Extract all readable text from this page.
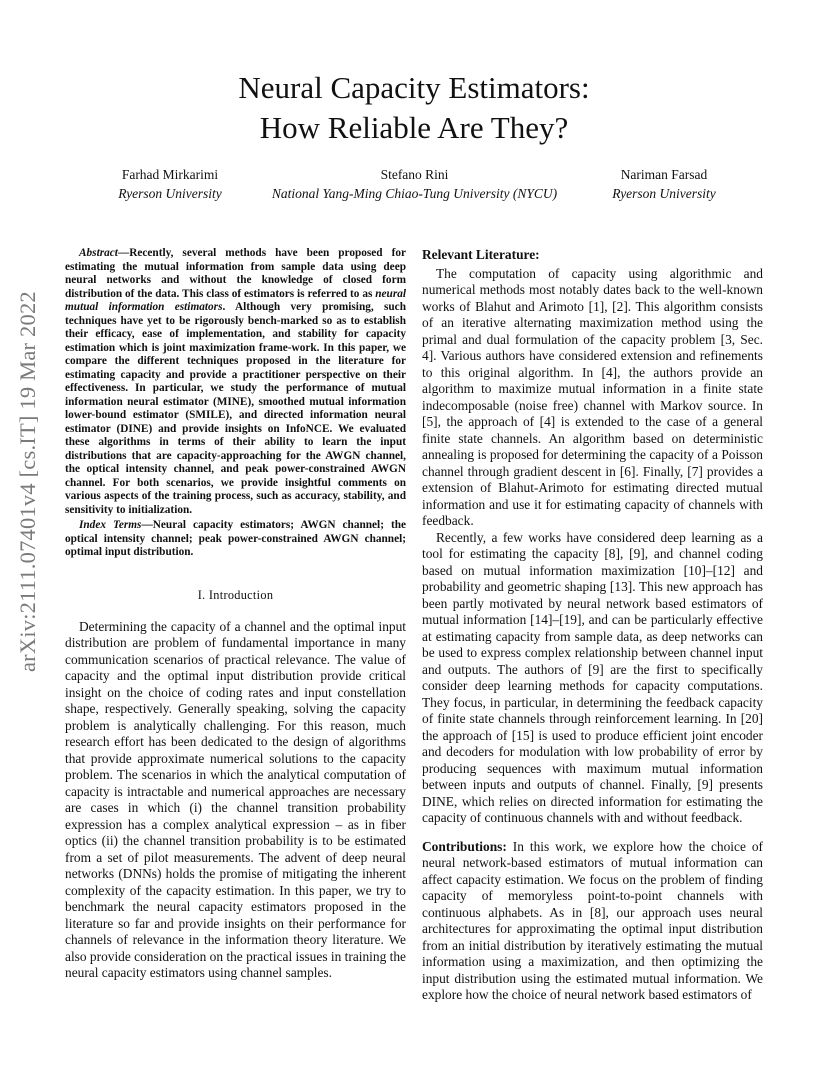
Neural Capacity Estimators:
How Reliable Are They?
Farhad Mirkarimi
Ryerson University
Stefano Rini
National Yang-Ming Chiao-Tung University (NYCU)
Nariman Farsad
Ryerson University
arXiv:2111.07401v4 [cs.IT] 19 Mar 2022

Abstract—Recently, several methods have been proposed for estimating the mutual information from sample data using deep neural networks and without the knowledge of closed form distribution of the data. This class of estimators is referred to as neural mutual information estimators. Although very promising, such techniques have yet to be rigorously bench-marked so as to establish their efficacy, ease of implementation, and stability for capacity estimation which is joint maximization frame-work. In this paper, we compare the different techniques proposed in the literature for estimating capacity and provide a practitioner perspective on their effectiveness. In particular, we study the performance of mutual information neural estimator (MINE), smoothed mutual information lower-bound estimator (SMILE), and directed information neural estimator (DINE) and provide insights on InfoNCE. We evaluated these algorithms in terms of their ability to learn the input distributions that are capacity-approaching for the AWGN channel, the optical intensity channel, and peak power-constrained AWGN channel. For both scenarios, we provide insightful comments on various aspects of the training process, such as accuracy, stability, and sensitivity to initialization.

Index Terms—Neural capacity estimators; AWGN channel; the optical intensity channel; peak power-constrained AWGN channel; optimal input distribution.

I. Introduction

Determining the capacity of a channel and the optimal input distribution are problem of fundamental importance in many communication scenarios of practical relevance. The value of capacity and the optimal input distribution provide critical insight on the choice of coding rates and input constellation shape, respectively. Generally speaking, solving the capacity problem is analytically challenging. For this reason, much research effort has been dedicated to the design of algorithms that provide approximate numerical solutions to the capacity problem. The scenarios in which the analytical computation of capacity is intractable and numerical approaches are necessary are cases in which (i) the channel transition probability expression has a complex analytical expression – as in fiber optics (ii) the channel transition probability is to be estimated from a set of pilot measurements. The advent of deep neural networks (DNNs) holds the promise of mitigating the inherent complexity of the capacity estimation. In this paper, we try to benchmark the neural capacity estimators proposed in the literature so far and provide insights on their performance for channels of relevance in the information theory literature. We also provide consideration on the practical issues in training the neural capacity estimators using channel samples.

Relevant Literature:

The computation of capacity using algorithmic and numerical methods most notably dates back to the well-known works of Blahut and Arimoto [1], [2]. This algorithm consists of an iterative alternating maximization method using the primal and dual formulation of the capacity problem [3, Sec. 4]. Various authors have considered extension and refinements to this original algorithm. In [4], the authors provide an algorithm to maximize mutual information in a finite state indecomposable (noise free) channel with Markov source. In [5], the approach of [4] is extended to the case of a general finite state channels. An algorithm based on deterministic annealing is proposed for determining the capacity of a Poisson channel through gradient descent in [6]. Finally, [7] provides a extension of Blahut-Arimoto for estimating directed mutual information and use it for estimating capacity of channels with feedback.

Recently, a few works have considered deep learning as a tool for estimating the capacity [8], [9], and channel coding based on mutual information maximization [10]–[12] and probability and geometric shaping [13]. This new approach has been partly motivated by neural network based estimators of mutual information [14]–[19], and can be particularly effective at estimating capacity from sample data, as deep networks can be used to express complex relationship between channel input and outputs. The authors of [9] are the first to specifically consider deep learning methods for capacity computations. They focus, in particular, in determining the feedback capacity of finite state channels through reinforcement learning. In [20] the approach of [15] is used to produce efficient joint encoder and decoders for modulation with low probability of error by producing sequences with maximum mutual information between inputs and outputs of channel. Finally, [9] presents DINE, which relies on directed information for estimating the capacity of continuous channels with and without feedback.

Contributions: In this work, we explore how the choice of neural network-based estimators of mutual information can affect capacity estimation. We focus on the problem of finding capacity of memoryless point-to-point channels with continuous alphabets. As in [8], our approach uses neural architectures for approximating the optimal input distribution from an initial distribution by iteratively estimating the mutual information using a maximization, and then optimizing the input distribution using the estimated mutual information. We explore how the choice of neural network based estimators of
